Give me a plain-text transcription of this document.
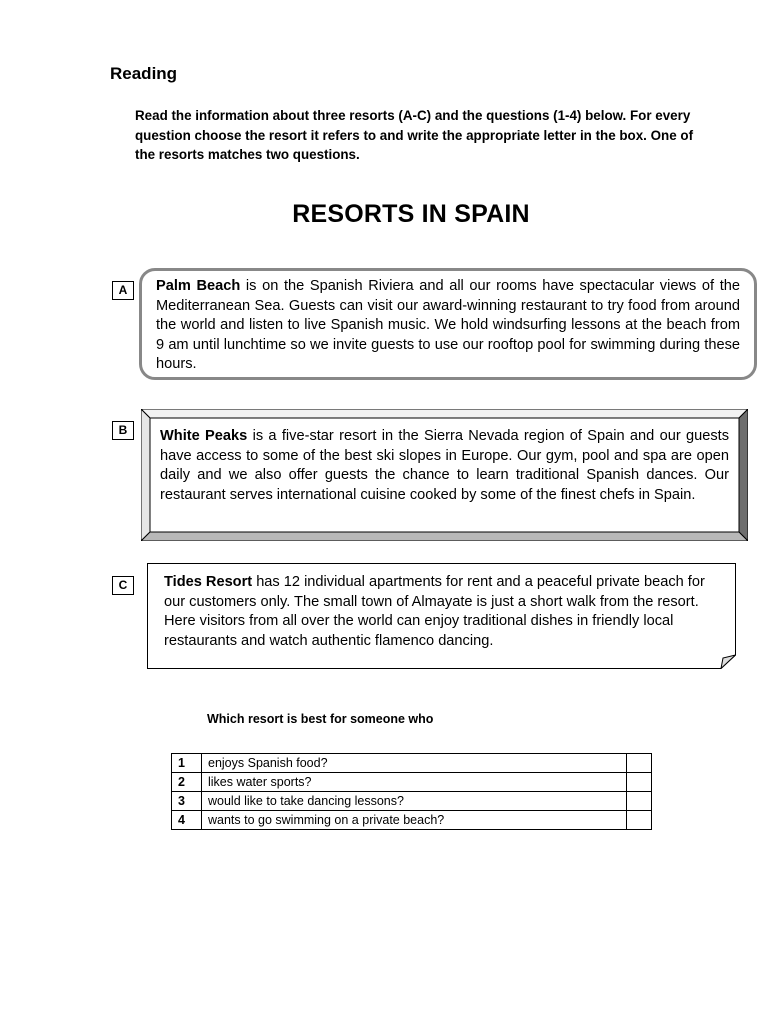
Reading
Read the information about three resorts (A-C) and the questions (1-4) below. For every question choose the resort it refers to and write the appropriate letter in the box. One of the resorts matches two questions.
RESORTS IN SPAIN
A	Palm Beach is on the Spanish Riviera and all our rooms have spectacular views of the Mediterranean Sea. Guests can visit our award-winning restaurant to try food from around the world and listen to live Spanish music. We hold windsurfing lessons at the beach from 9 am until lunchtime so we invite guests to use our rooftop pool for swimming during these hours.
B	White Peaks is a five-star resort in the Sierra Nevada region of Spain and our guests have access to some of the best ski slopes in Europe. Our gym, pool and spa are open daily and we also offer guests the chance to learn traditional Spanish dances. Our restaurant serves international cuisine cooked by some of the finest chefs in Spain.
C	Tides Resort has 12 individual apartments for rent and a peaceful private beach for our customers only. The small town of Almayate is just a short walk from the resort. Here visitors from all over the world can enjoy traditional dishes in friendly local restaurants and watch authentic flamenco dancing.
Which resort is best for someone who
1	enjoys Spanish food?	
2	likes water sports?	
3	would like to take dancing lessons?	
4	wants to go swimming on a private beach?	
